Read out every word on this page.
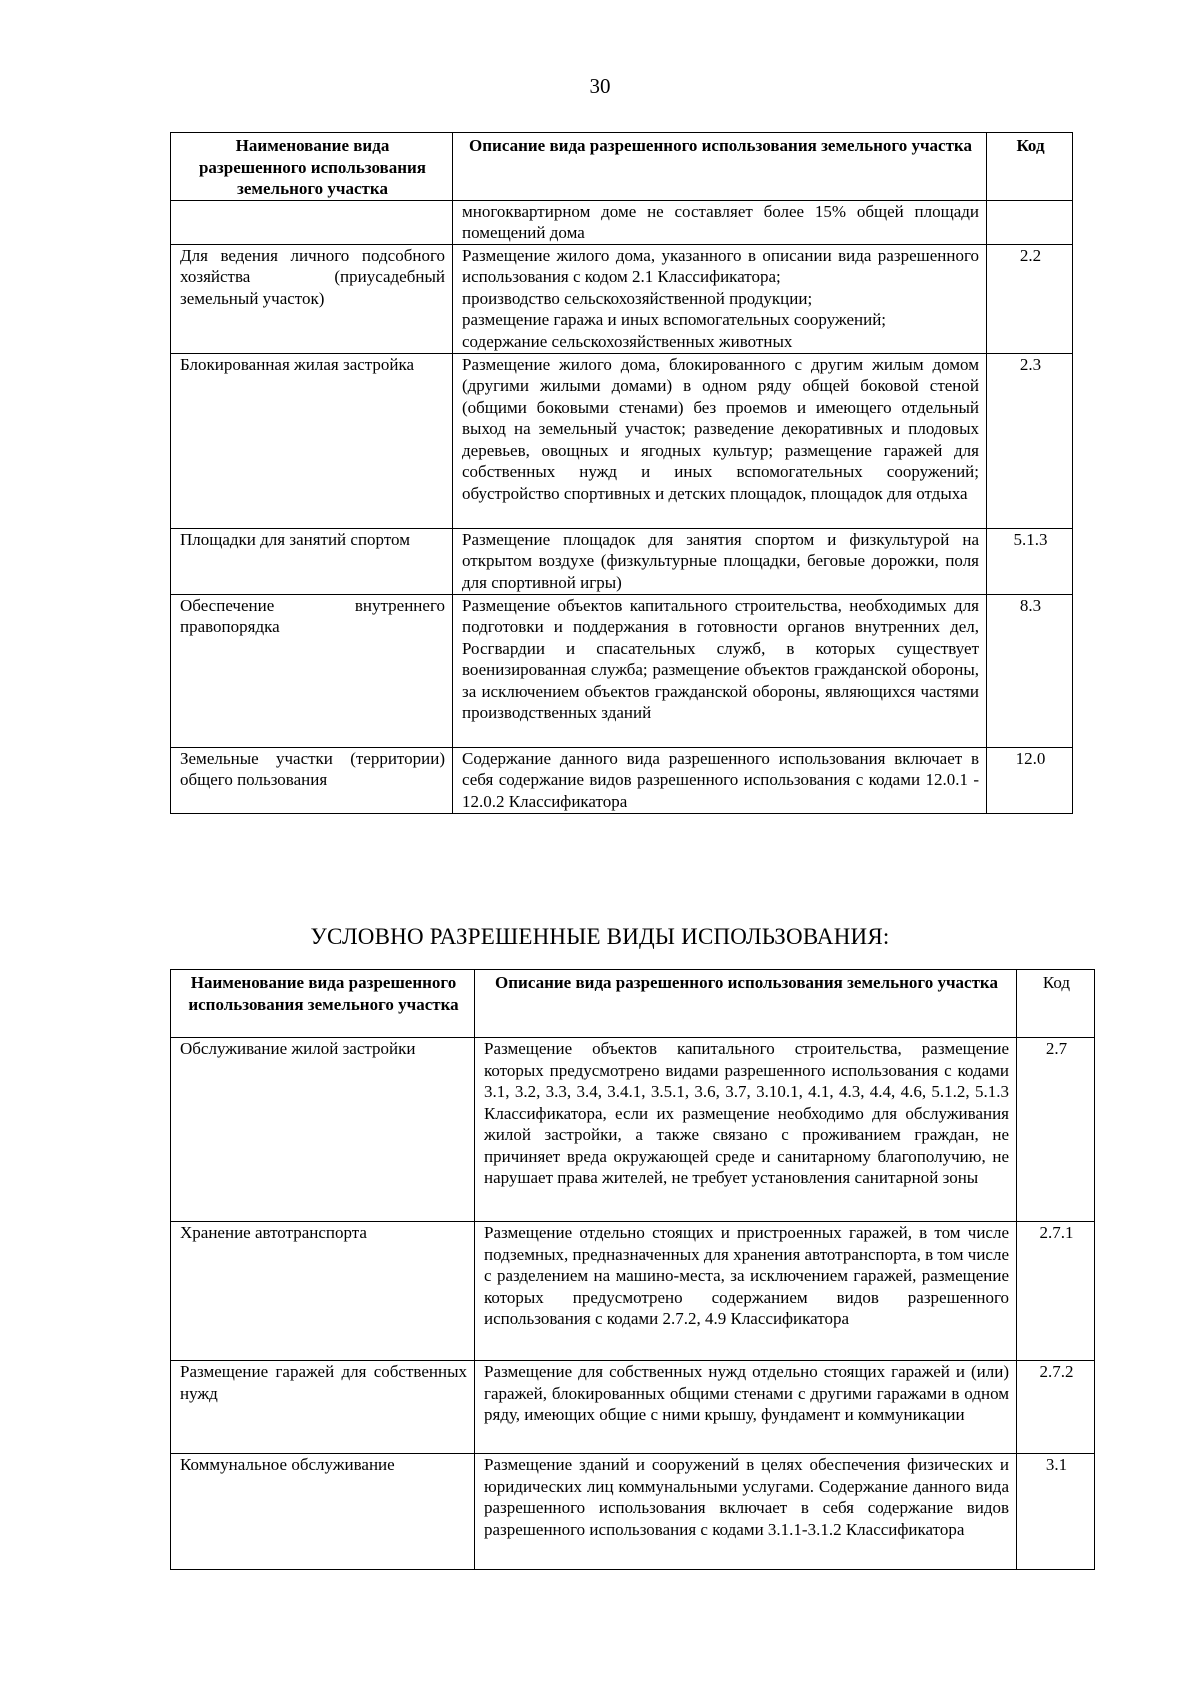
30
Наименование вида разрешенного использования земельного участка	Описание вида разрешенного использования земельного участка	Код
	многоквартирном доме не составляет более 15% общей площади помещений дома	
Для ведения личного подсобного хозяйства (приусадебный земельный участок)	Размещение жилого дома, указанного в описании вида разрешенного использования с кодом 2.1 Классификатора;
производство сельскохозяйственной продукции;
размещение гаража и иных вспомогательных сооружений;
содержание сельскохозяйственных животных	2.2
Блокированная жилая застройка	Размещение жилого дома, блокированного с другим жилым домом (другими жилыми домами) в одном ряду общей боковой стеной (общими боковыми стенами) без проемов и имеющего отдельный выход на земельный участок; разведение декоративных и плодовых деревьев, овощных и ягодных культур; размещение гаражей для собственных нужд и иных вспомогательных сооружений; обустройство спортивных и детских площадок, площадок для отдыха	2.3
Площадки для занятий спортом	Размещение площадок для занятия спортом и физкультурой на открытом воздухе (физкультурные площадки, беговые дорожки, поля для спортивной игры)	5.1.3
Обеспечение внутреннего правопорядка	Размещение объектов капитального строительства, необходимых для подготовки и поддержания в готовности органов внутренних дел, Росгвардии и спасательных служб, в которых существует военизированная служба; размещение объектов гражданской обороны, за исключением объектов гражданской обороны, являющихся частями производственных зданий	8.3
Земельные участки (территории) общего пользования	Содержание данного вида разрешенного использования включает в себя содержание видов разрешенного использования с кодами 12.0.1 - 12.0.2 Классификатора	12.0
УСЛОВНО РАЗРЕШЕННЫЕ ВИДЫ ИСПОЛЬЗОВАНИЯ:
Наименование вида разрешенного использования земельного участка	Описание вида разрешенного использования земельного участка	Код
Обслуживание жилой застройки	Размещение объектов капитального строительства, размещение которых предусмотрено видами разрешенного использования с кодами 3.1, 3.2, 3.3, 3.4, 3.4.1, 3.5.1, 3.6, 3.7, 3.10.1, 4.1, 4.3, 4.4, 4.6, 5.1.2, 5.1.3 Классификатора, если их размещение необходимо для обслуживания жилой застройки, а также связано с проживанием граждан, не причиняет вреда окружающей среде и санитарному благополучию, не нарушает права жителей, не требует установления санитарной зоны	2.7
Хранение автотранспорта	Размещение отдельно стоящих и пристроенных гаражей, в том числе подземных, предназначенных для хранения автотранспорта, в том числе с разделением на машино-места, за исключением гаражей, размещение которых предусмотрено содержанием видов разрешенного использования с кодами 2.7.2, 4.9 Классификатора	2.7.1
Размещение гаражей для собственных нужд	Размещение для собственных нужд отдельно стоящих гаражей и (или) гаражей, блокированных общими стенами с другими гаражами в одном ряду, имеющих общие с ними крышу, фундамент и коммуникации	2.7.2
Коммунальное обслуживание	Размещение зданий и сооружений в целях обеспечения физических и юридических лиц коммунальными услугами. Содержание данного вида разрешенного использования включает в себя содержание видов разрешенного использования с кодами 3.1.1-3.1.2 Классификатора	3.1
